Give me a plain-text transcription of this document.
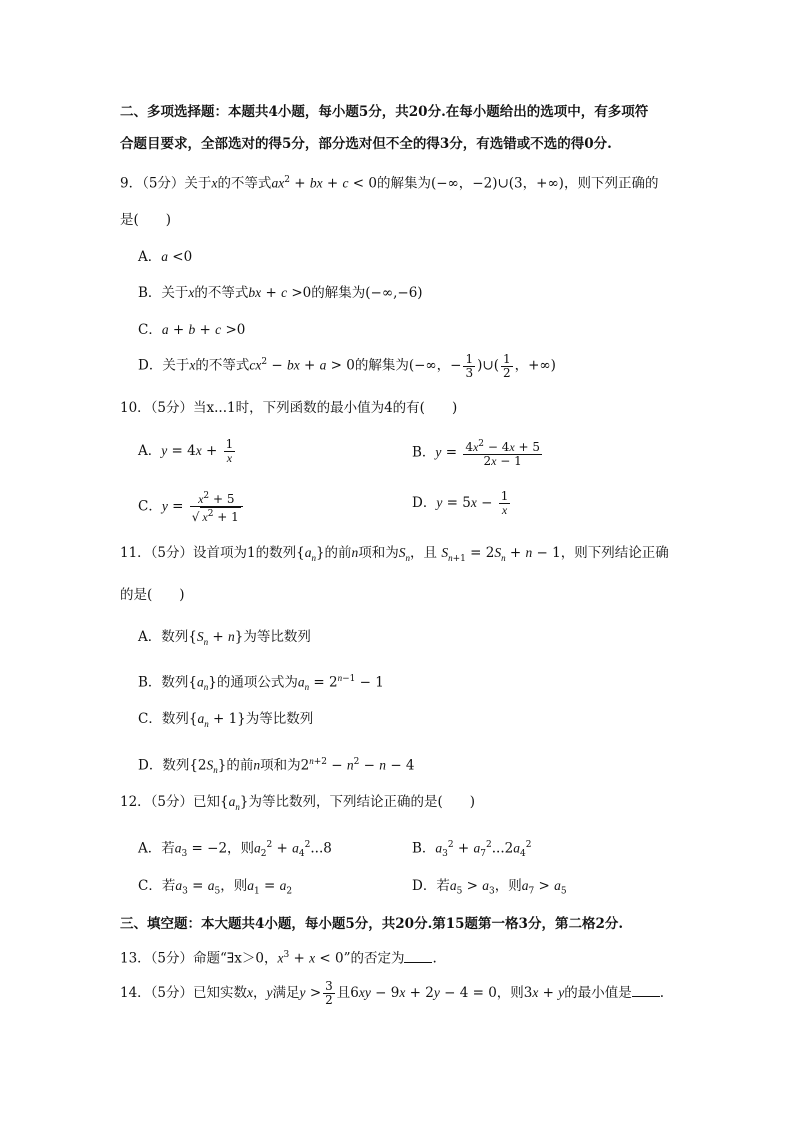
二、多项选择题：本题共4小题，每小题5分，共20分.在每小题给出的选项中，有多项符
合题目要求，全部选对的得5分，部分选对但不全的得3分，有选错或不选的得0分.
9．（5分）关于x的不等式$ax^2$ + bx + c < 0的解集为(−∞，−2)∪(3，+∞)，则下列正确的
是(　　)
A．a <0
B．关于x的不等式bx + c >0的解集为(−∞,−6)
C．a + b + c >0
D．关于x的不等式$cx^2$ − bx + a > 0的解集为(−∞，− $\frac{1}{3}$ )∪( $\frac{1}{2}$ ，+∞)
10．（5分）当x...1时，下列函数的最小值为4的有(　　)
A．$y = 4x + \frac{1}{x}$	B．$y = \frac{4x^2 - 4x + 5}{2x - 1}$
C．$y = \frac{x^2 + 5}{√ x^2 + 1}$	D．$y = 5x - \frac{1}{x}$
11．（5分）设首项为1的数列$\{a_n\}$的前n项和为$S_n$，且 $S_{n+1} = 2S_n + n - 1$，则下列结论正确
的是(　　)
A．数列$\{S_n + n\}$为等比数列
B．数列$\{a_n\}$的通项公式为$a_n = 2^{n-1} - 1$
C．数列$\{a_n + 1\}$为等比数列
D．数列$\{2S_n\}$的前n项和为$2^{n+2} - n^2 - n - 4$
12．（5分）已知$\{a_n\}$为等比数列，下列结论正确的是(　　)
A．若$a_3 = -2$，则$a_2^2 + a_4^2...8$	B．$a_3^2 + a_7^2...2a_4^2$
C．若$a_3 = a_5$，则$a_1 = a_2$	D．若$a_5 > a_3$，则$a_7 > a_5$
三、填空题：本大题共4小题，每小题5分，共20分.第15题第一格3分，第二格2分.
13．（5分）命题“∃x＞0，$x^3 + x < 0$”的否定为 .
14．（5分）已知实数x，y满足$y > \frac{3}{2}$ 且6xy − 9x + 2y − 4 = 0，则3x + y的最小值是 .
